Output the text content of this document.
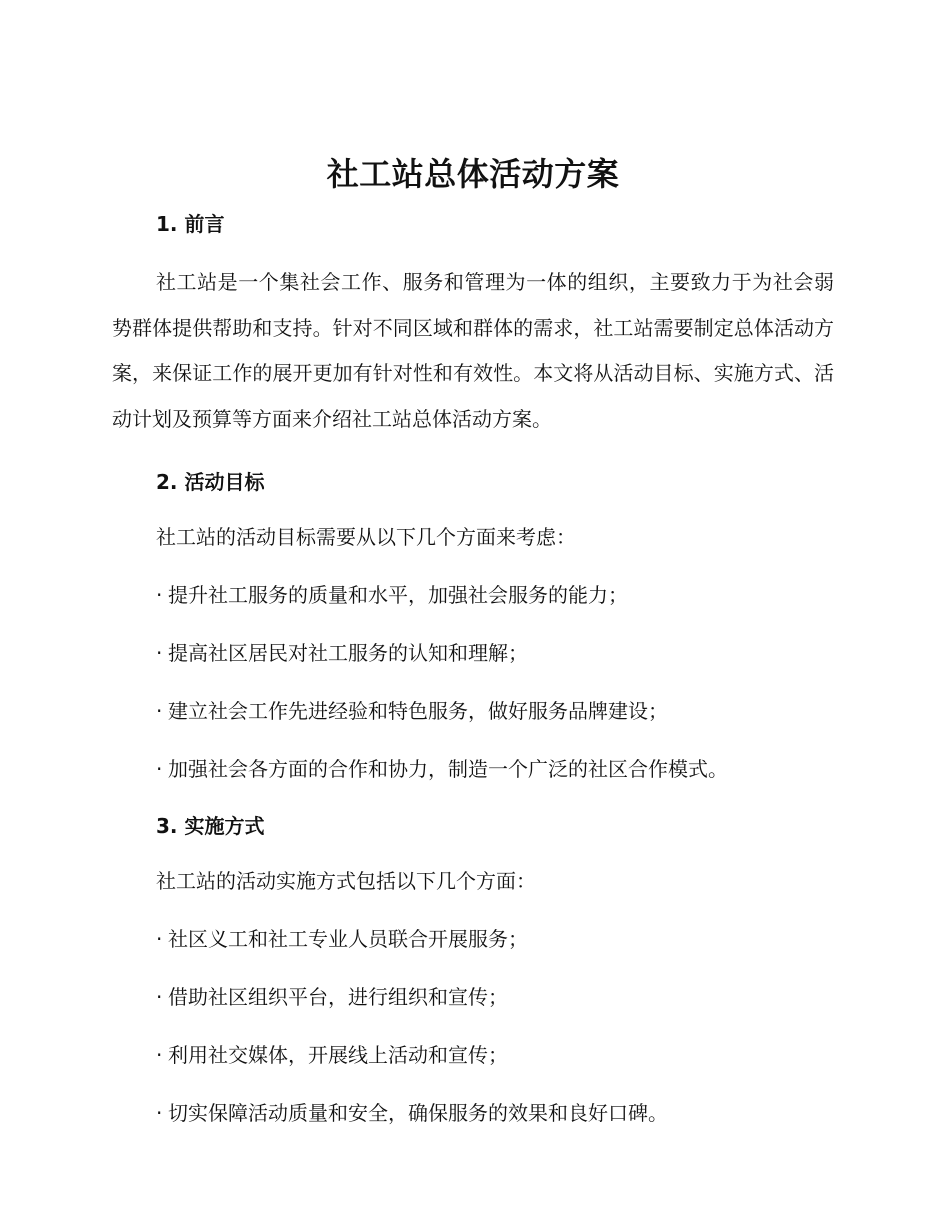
社工站总体活动方案
1. 前言

社工站是一个集社会工作、服务和管理为一体的组织，主要致力于为社会弱势群体提供帮助和支持。针对不同区域和群体的需求，社工站需要制定总体活动方案，来保证工作的展开更加有针对性和有效性。本文将从活动目标、实施方式、活动计划及预算等方面来介绍社工站总体活动方案。

2. 活动目标
社工站的活动目标需要从以下几个方面来考虑：
· 提升社工服务的质量和水平，加强社会服务的能力；
· 提高社区居民对社工服务的认知和理解；
· 建立社会工作先进经验和特色服务，做好服务品牌建设；
· 加强社会各方面的合作和协力，制造一个广泛的社区合作模式。
3. 实施方式
社工站的活动实施方式包括以下几个方面：
· 社区义工和社工专业人员联合开展服务；
· 借助社区组织平台，进行组织和宣传；
· 利用社交媒体，开展线上活动和宣传；
· 切实保障活动质量和安全，确保服务的效果和良好口碑。
